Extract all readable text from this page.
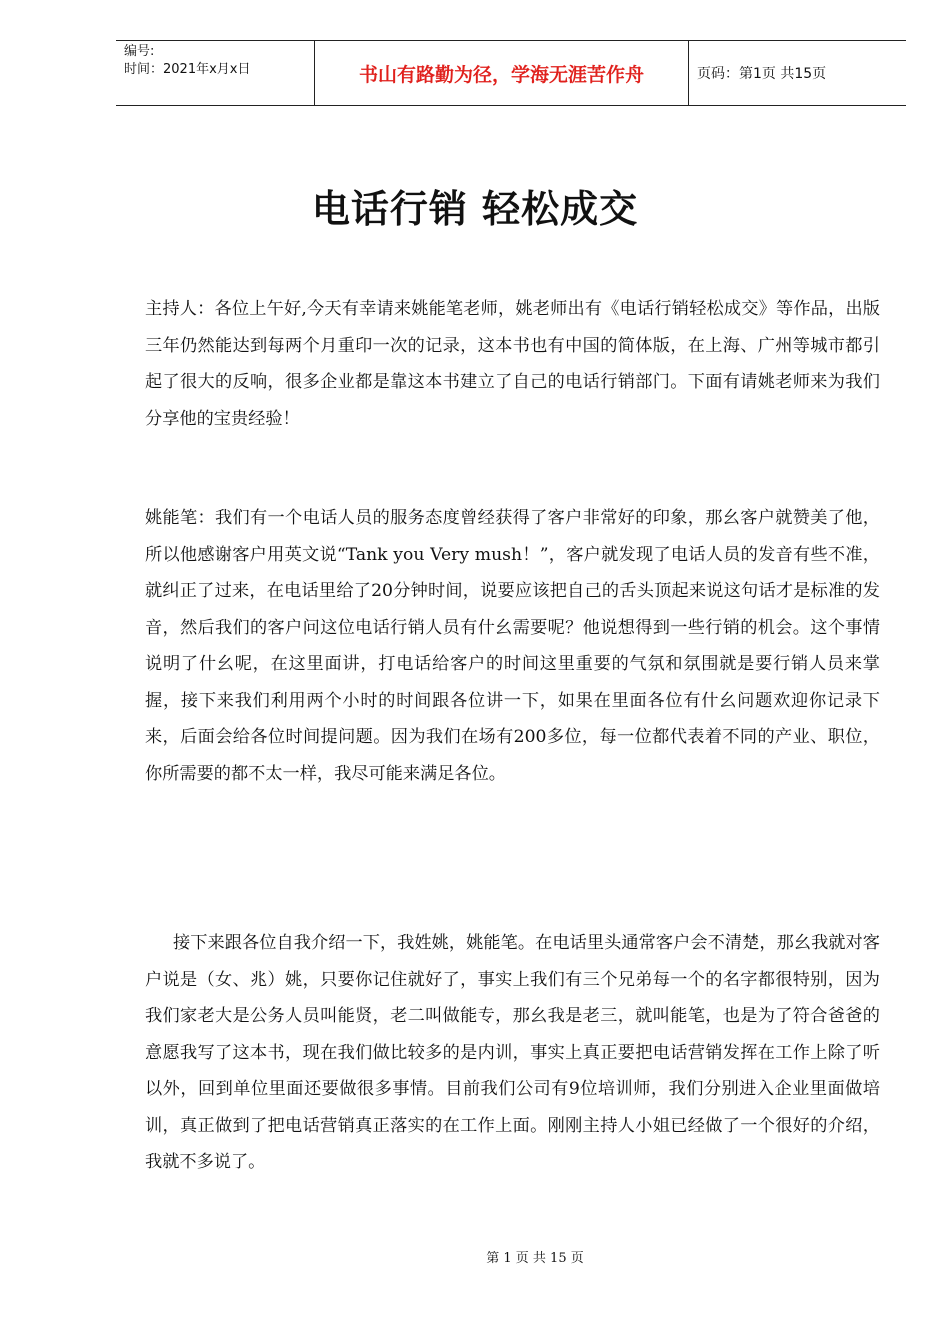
编号:
时间：2021年x月x日	书山有路勤为径，学海无涯苦作舟	页码：第1页 共15页
电话行销 轻松成交

主持人：各位上午好,今天有幸请来姚能笔老师，姚老师出有《电话行销轻松成交》等作品，出版三年仍然能达到每两个月重印一次的记录，这本书也有中国的简体版，在上海、广州等城市都引起了很大的反响，很多企业都是靠这本书建立了自己的电话行销部门。下面有请姚老师来为我们分享他的宝贵经验！

姚能笔：我们有一个电话人员的服务态度曾经获得了客户非常好的印象，那幺客户就赞美了他，所以他感谢客户用英文说“Tank you Very mush！”，客户就发现了电话人员的发音有些不准，就纠正了过来，在电话里给了20分钟时间，说要应该把自己的舌头顶起来说这句话才是标准的发音，然后我们的客户问这位电话行销人员有什幺需要呢？他说想得到一些行销的机会。这个事情说明了什幺呢，在这里面讲，打电话给客户的时间这里重要的气氛和氛围就是要行销人员来掌握，接下来我们利用两个小时的时间跟各位讲一下，如果在里面各位有什幺问题欢迎你记录下来，后面会给各位时间提问题。因为我们在场有200多位，每一位都代表着不同的产业、职位，你所需要的都不太一样，我尽可能来满足各位。

接下来跟各位自我介绍一下，我姓姚，姚能笔。在电话里头通常客户会不清楚，那幺我就对客户说是（女、兆）姚，只要你记住就好了，事实上我们有三个兄弟每一个的名字都很特别，因为我们家老大是公务人员叫能贤，老二叫做能专，那幺我是老三，就叫能笔，也是为了符合爸爸的意愿我写了这本书，现在我们做比较多的是内训，事实上真正要把电话营销发挥在工作上除了听以外，回到单位里面还要做很多事情。目前我们公司有9位培训师，我们分别进入企业里面做培训，真正做到了把电话营销真正落实的在工作上面。刚刚主持人小姐已经做了一个很好的介绍，我就不多说了。

第 1 页 共 15 页
